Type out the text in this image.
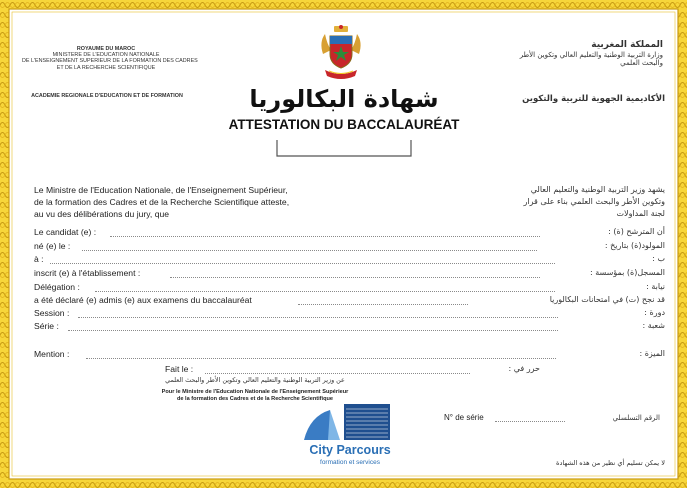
ROYAUME DU MAROC
MINISTERE DE L'EDUCATION NATIONALE
DE L'ENSEIGNEMENT SUPERIEUR DE LA FORMATION DES CADRES
ET DE LA RECHERCHE SCIENTIFIQUE
ACADEMIE REGIONALE D'EDUCATION ET DE FORMATION
المملكة المغربية
وزارة التربية الوطنية والتعليم العالي وتكوين الأطر
والبحث العلمي
الأكاديمية الجهوية للتربية والتكوين
شهادة البكالوريا
ATTESTATION DU BACCALAURÉAT
Le Ministre de l'Education Nationale, de l'Enseignement Supérieur,
de la formation des Cadres et de la Recherche Scientifique atteste,
au vu des délibérations du jury, que
Le candidat (e) :
né (e) le :
à :
inscrit (e) à l'établissement :
Délégation :
a été déclaré (e) admis (e) aux examens du baccalauréat
Session :
Série :
Mention :
Fait le :
يشهد وزير التربية الوطنية والتعليم العالي
وتكوين الأطر والبحث العلمي بناء على قرار
لجنة المداولات
أن المترشح (ة) :
المولود(ة) بتاريخ :
ب :
المسجل(ة) بمؤسسة :
نيابة :
قد نجح (ت) في امتحانات البكالوريا
دورة :
شعبة :
الميزة :
حرر في :
عن وزير التربية الوطنية والتعليم العالي وتكوين الأطر والبحث العلمي
Pour le Ministre de l'Education Nationale de l'Enseignement Supérieur
de la formation des Cadres et de la Recherche Scientifique
N° de série	الرقم التسلسلي
لا يمكن تسليم أي نظير من هذه الشهادة
City Parcours
formation et services
